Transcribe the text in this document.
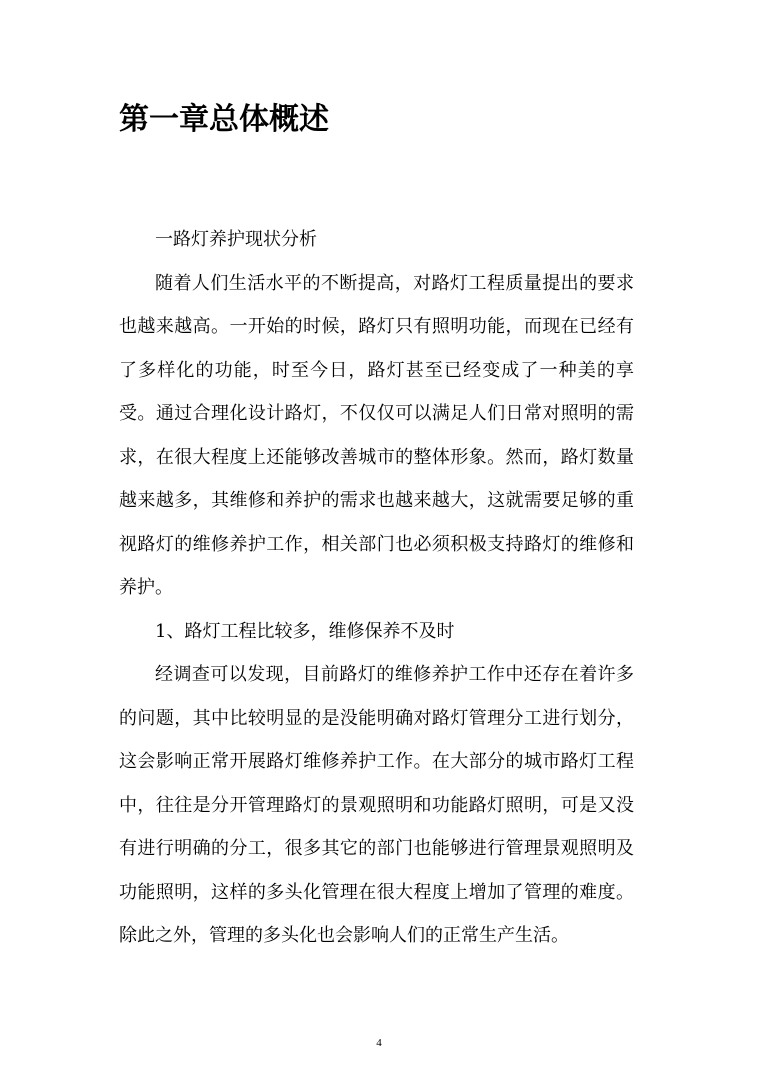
第一章总体概述

一路灯养护现状分析

随着人们生活水平的不断提高，对路灯工程质量提出的要求也越来越高。一开始的时候，路灯只有照明功能，而现在已经有了多样化的功能，时至今日，路灯甚至已经变成了一种美的享受。通过合理化设计路灯，不仅仅可以满足人们日常对照明的需求，在很大程度上还能够改善城市的整体形象。然而，路灯数量越来越多，其维修和养护的需求也越来越大，这就需要足够的重视路灯的维修养护工作，相关部门也必须积极支持路灯的维修和养护。

1、路灯工程比较多，维修保养不及时

经调查可以发现，目前路灯的维修养护工作中还存在着许多的问题，其中比较明显的是没能明确对路灯管理分工进行划分，这会影响正常开展路灯维修养护工作。在大部分的城市路灯工程中，往往是分开管理路灯的景观照明和功能路灯照明，可是又没有进行明确的分工，很多其它的部门也能够进行管理景观照明及功能照明，这样的多头化管理在很大程度上增加了管理的难度。除此之外，管理的多头化也会影响人们的正常生产生活。

4
